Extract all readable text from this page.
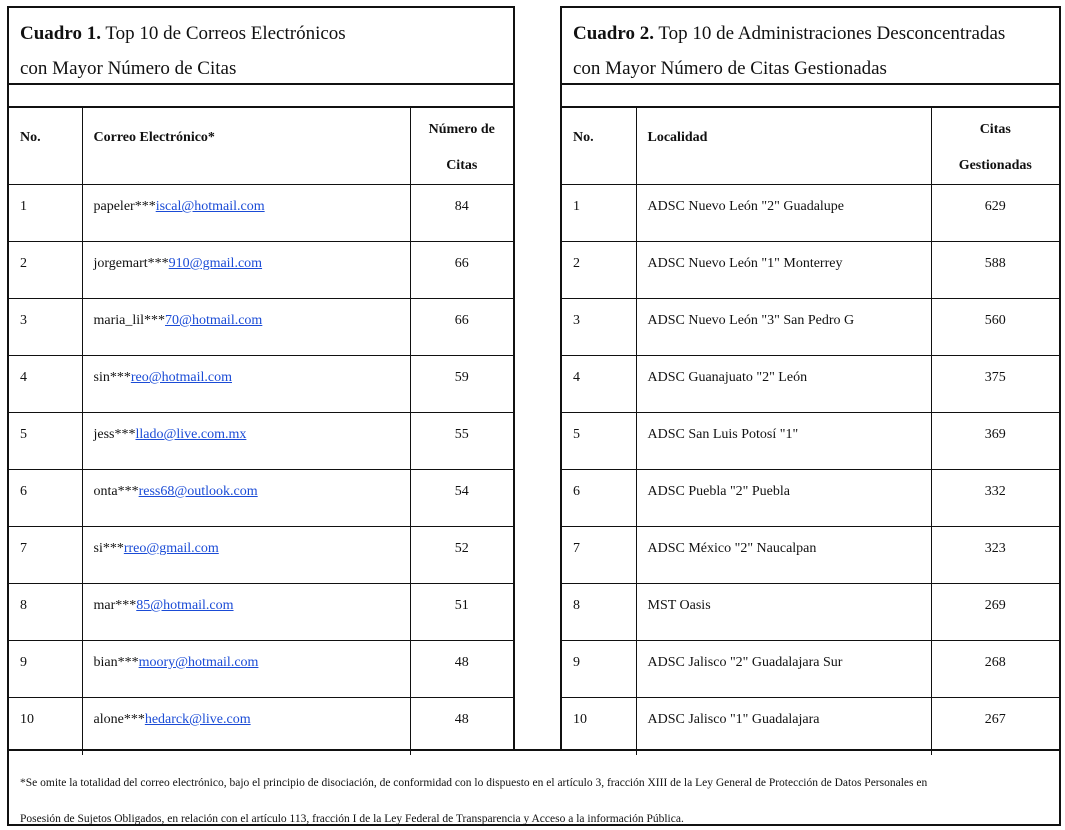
Cuadro 1. Top 10 de Correos Electrónicos
con Mayor Número de Citas
No.	Correo Electrónico*	Número de
Citas
1	papeler***iscal@hotmail.com	84
2	jorgemart***910@gmail.com	66
3	maria_lil***70@hotmail.com	66
4	sin***reo@hotmail.com	59
5	jess***llado@live.com.mx	55
6	onta***ress68@outlook.com	54
7	si***rreo@gmail.com	52
8	mar***85@hotmail.com	51
9	bian***moory@hotmail.com	48
10	alone***hedarck@live.com	48
Cuadro 2. Top 10 de Administraciones Desconcentradas
con Mayor Número de Citas Gestionadas
No.	Localidad	Citas
Gestionadas
1	ADSC Nuevo León "2" Guadalupe	629
2	ADSC Nuevo León "1" Monterrey	588
3	ADSC Nuevo León "3" San Pedro G	560
4	ADSC Guanajuato "2" León	375
5	ADSC San Luis Potosí "1"	369
6	ADSC Puebla "2" Puebla	332
7	ADSC México "2" Naucalpan	323
8	MST Oasis	269
9	ADSC Jalisco "2" Guadalajara Sur	268
10	ADSC Jalisco "1" Guadalajara	267
*Se omite la totalidad del correo electrónico, bajo el principio de disociación, de conformidad con lo dispuesto en el artículo 3, fracción XIII de la Ley General de Protección de Datos Personales en
Posesión de Sujetos Obligados, en relación con el artículo 113, fracción I de la Ley Federal de Transparencia y Acceso a la información Pública.
